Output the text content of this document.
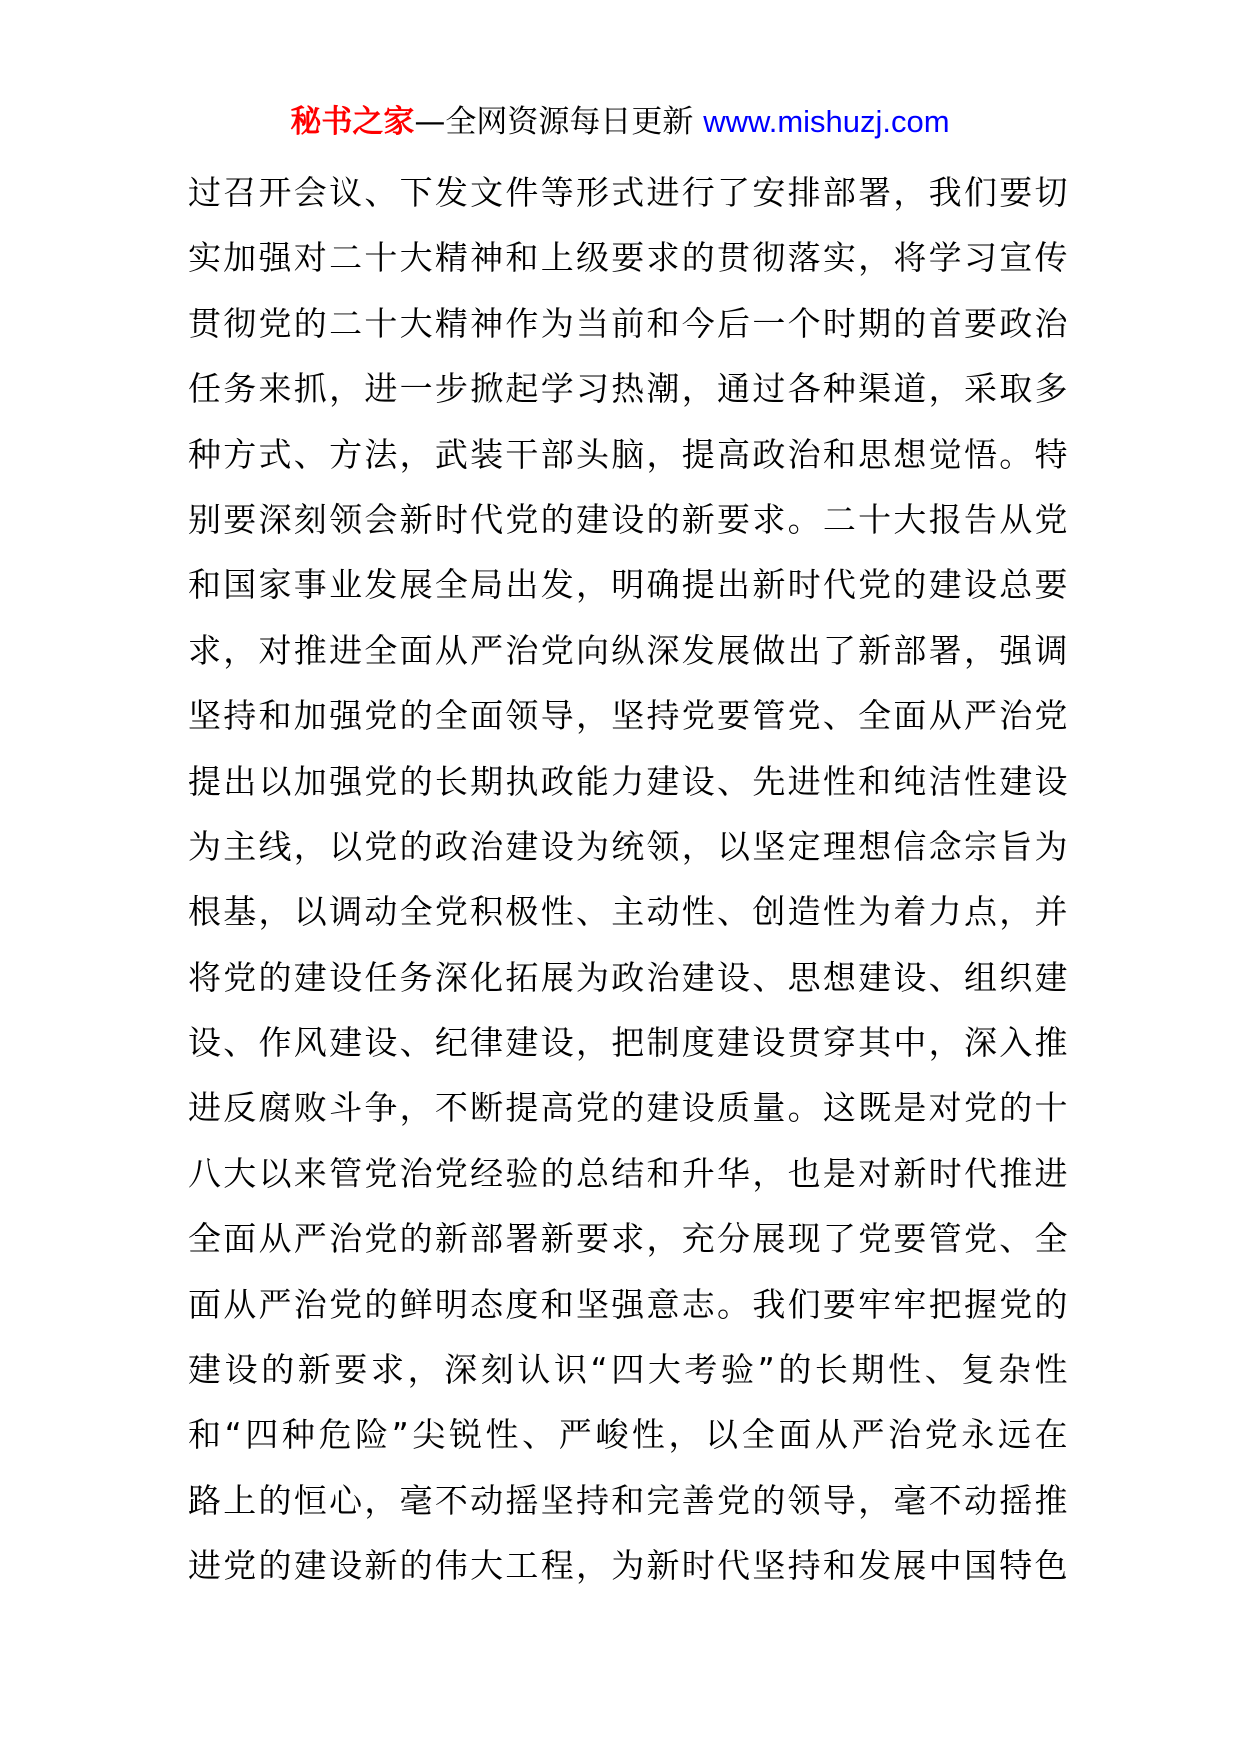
秘书之家—全网资源每日更新 www.mishuzj.com
过召开会议、下发文件等形式进行了安排部署，我们要切
实加强对二十大精神和上级要求的贯彻落实，将学习宣传
贯彻党的二十大精神作为当前和今后一个时期的首要政治
任务来抓，进一步掀起学习热潮，通过各种渠道，采取多
种方式、方法，武装干部头脑，提高政治和思想觉悟。特
别要深刻领会新时代党的建设的新要求。二十大报告从党
和国家事业发展全局出发，明确提出新时代党的建设总要
求，对推进全面从严治党向纵深发展做出了新部署，强调
坚持和加强党的全面领导，坚持党要管党、全面从严治党
提出以加强党的长期执政能力建设、先进性和纯洁性建设
为主线，以党的政治建设为统领，以坚定理想信念宗旨为
根基，以调动全党积极性、主动性、创造性为着力点，并
将党的建设任务深化拓展为政治建设、思想建设、组织建
设、作风建设、纪律建设，把制度建设贯穿其中，深入推
进反腐败斗争，不断提高党的建设质量。这既是对党的十
八大以来管党治党经验的总结和升华，也是对新时代推进
全面从严治党的新部署新要求，充分展现了党要管党、全
面从严治党的鲜明态度和坚强意志。我们要牢牢把握党的
建设的新要求，深刻认识“四大考验”的长期性、复杂性
和“四种危险”尖锐性、严峻性，以全面从严治党永远在
路上的恒心，毫不动摇坚持和完善党的领导，毫不动摇推
进党的建设新的伟大工程，为新时代坚持和发展中国特色
